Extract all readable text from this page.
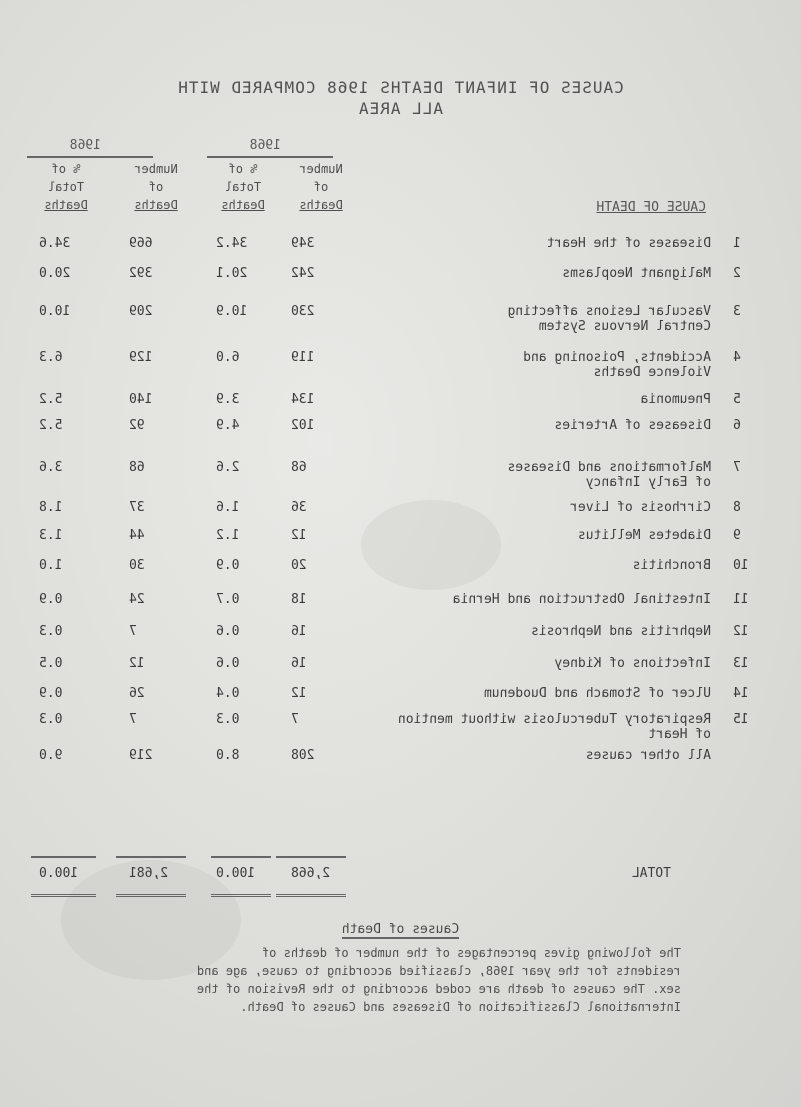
CAUSES OF INFANT DEATHS 1968 COMPARED WITH
ALL AREA
1968
1968
Number
of
Deaths
% of
Total
Deaths
Number
of
Deaths
% of
Total
Deaths	CAUSE OF DEATH
1
Diseases of the Heart
349
34.2
669
34.6
2
Malignant Neoplasms
242
20.1
392
20.0
3
Vascular Lesions affecting
Central Nervous System
230
10.9
209
10.0
4
Accidents, Poisoning and
Violence Deaths
119
6.0
129
6.3
5
Pneumonia
134
3.9
140
5.2
6
Diseases of Arteries
102
4.9
92
5.2
7
Malformations and Diseases
of Early Infancy
68
2.6
68
3.6
8
Cirrhosis of Liver
36
1.6
37
1.8
9
Diabetes Mellitus
12
1.2
44
1.3
10
Bronchitis
20
0.9
30
1.0
11
Intestinal Obstruction and Hernia
18
0.7
24
0.9
12
Nephritis and Nephrosis
16
0.6
7
0.3
13
Infections of Kidney
16
0.6
12
0.5
14
Ulcer of Stomach and Duodenum
12
0.4
26
0.9
15
Respiratory Tuberculosis without mention
of Heart
7
0.3
7
0.3
All other causes
208
8.0
219
9.0
TOTAL
2,668
100.0
2,681
100.0
Causes of Death
The following gives percentages of the number of deaths of
residents for the year 1968, classified according to cause, age and
sex. The causes of death are coded according to the Revision of the
International Classification of Diseases and Causes of Death.
